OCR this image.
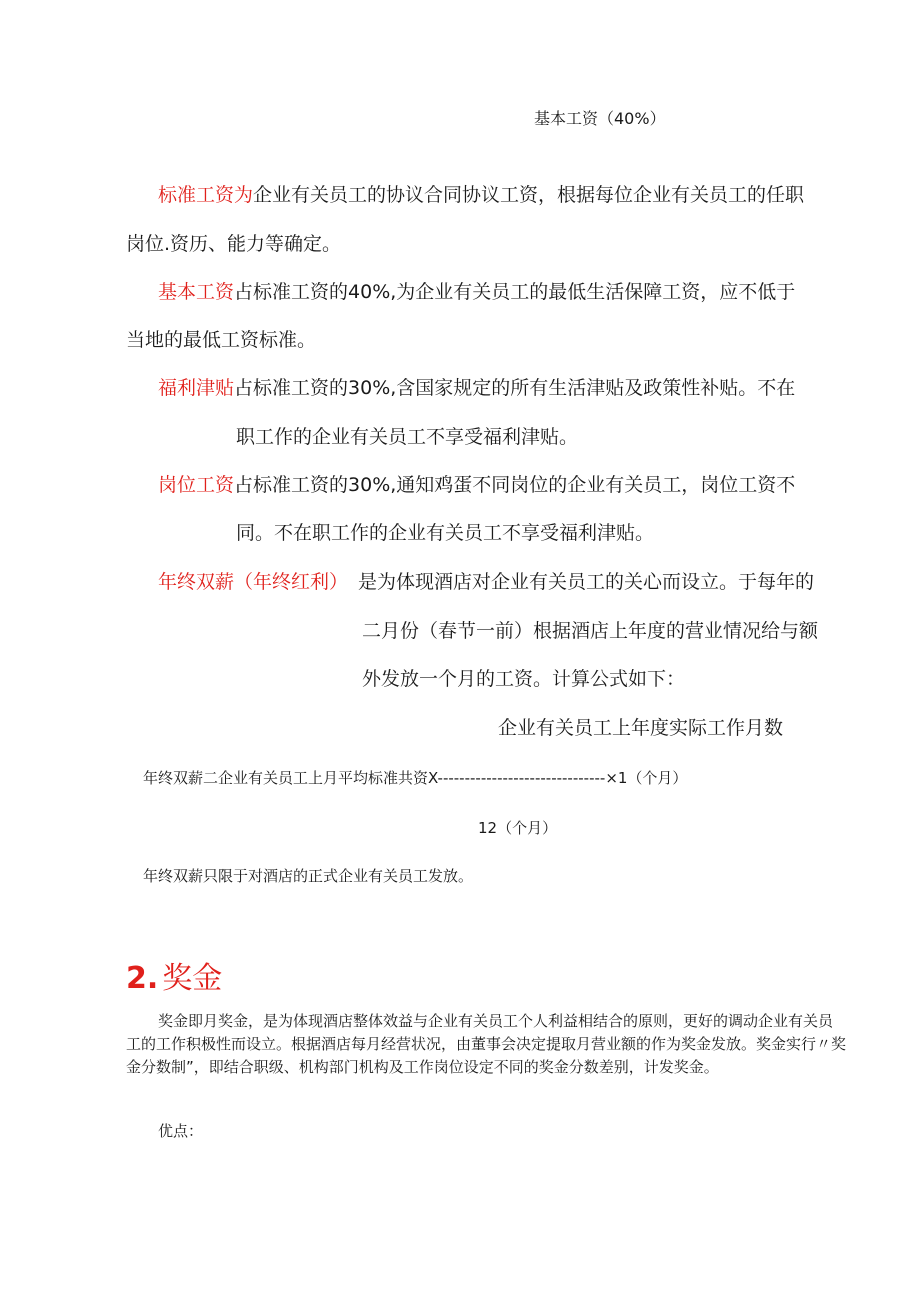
基本工资（40%）
标准工资为企业有关员工的协议合同协议工资，根据每位企业有关员工的任职
岗位.资历、能力等确定。
基本工资占标准工资的40%,为企业有关员工的最低生活保障工资，应不低于
当地的最低工资标准。
福利津贴占标准工资的30%,含国家规定的所有生活津贴及政策性补贴。不在
职工作的企业有关员工不享受福利津贴。
岗位工资占标准工资的30%,通知鸡蛋不同岗位的企业有关员工，岗位工资不
同。不在职工作的企业有关员工不享受福利津贴。
年终双薪（年终红利） 是为体现酒店对企业有关员工的关心而设立。于每年的
二月份（春节一前）根据酒店上年度的营业情况给与额
外发放一个月的工资。计算公式如下：
企业有关员工上年度实际工作月数
年终双薪二企业有关员工上月平均标准共资X-------------------------------×1（个月）
12（个月）
年终双薪只限于对酒店的正式企业有关员工发放。
2. 奖金
奖金即月奖金，是为体现酒店整体效益与企业有关员工个人利益相结合的原则，更好的调动企业有关员工的工作积极性而设立。根据酒店每月经营状况，由董事会决定提取月营业额的作为奖金发放。奖金实行〃奖金分数制”，即结合职级、机构部门机构及工作岗位设定不同的奖金分数差别，计发奖金。
优点：
